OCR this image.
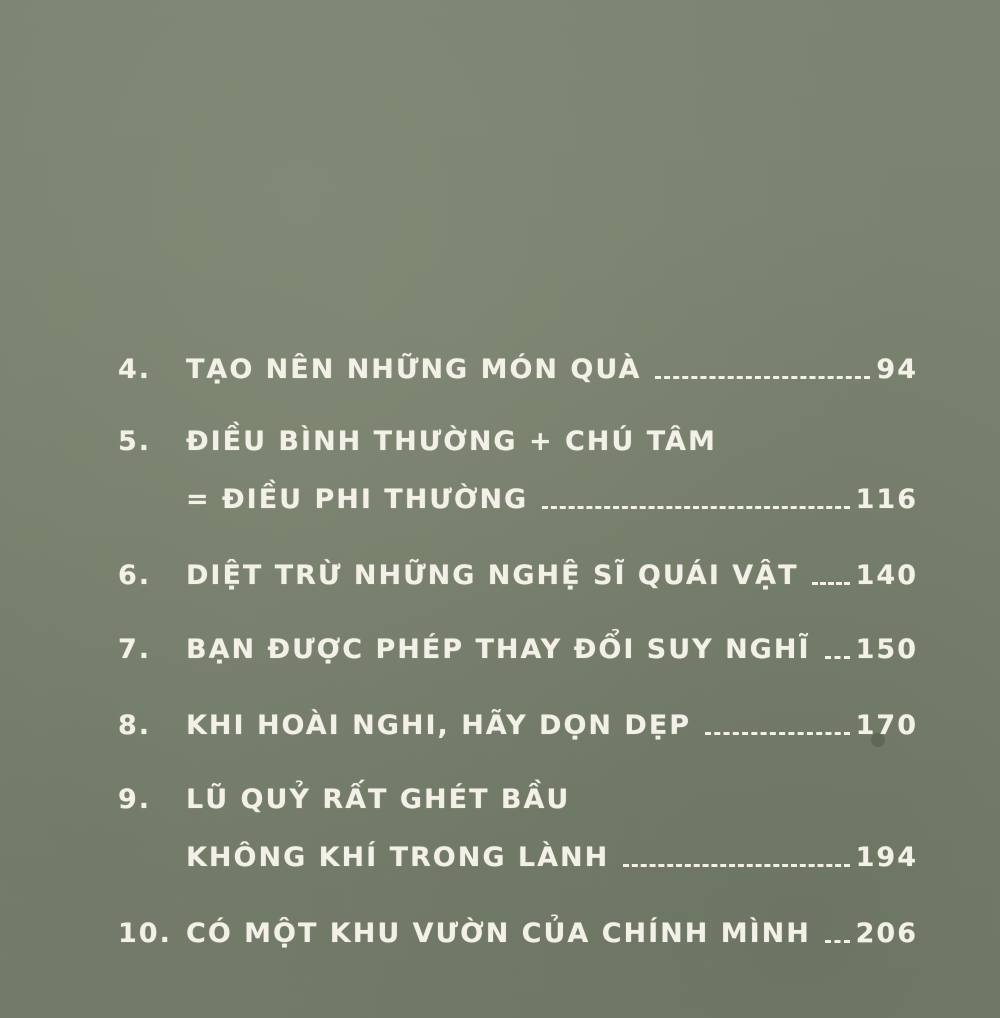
4.	TẠO NÊN NHỮNG MÓN QUÀ	94
5.	ĐIỀU BÌNH THƯỜNG + CHÚ TÂM
= ĐIỀU PHI THƯỜNG	116
6.	DIỆT TRỪ NHỮNG NGHỆ SĨ QUÁI VẬT 140
7.	BẠN ĐƯỢC PHÉP THAY ĐỔI SUY NGHĨ 150
8.	KHI HOÀI NGHI, HÃY DỌN DẸP	170
9.	LŨ QUỶ RẤT GHÉT BẦU
KHÔNG KHÍ TRONG LÀNH	194
10. CÓ MỘT KHU VƯỜN CỦA CHÍNH MÌNH 206
